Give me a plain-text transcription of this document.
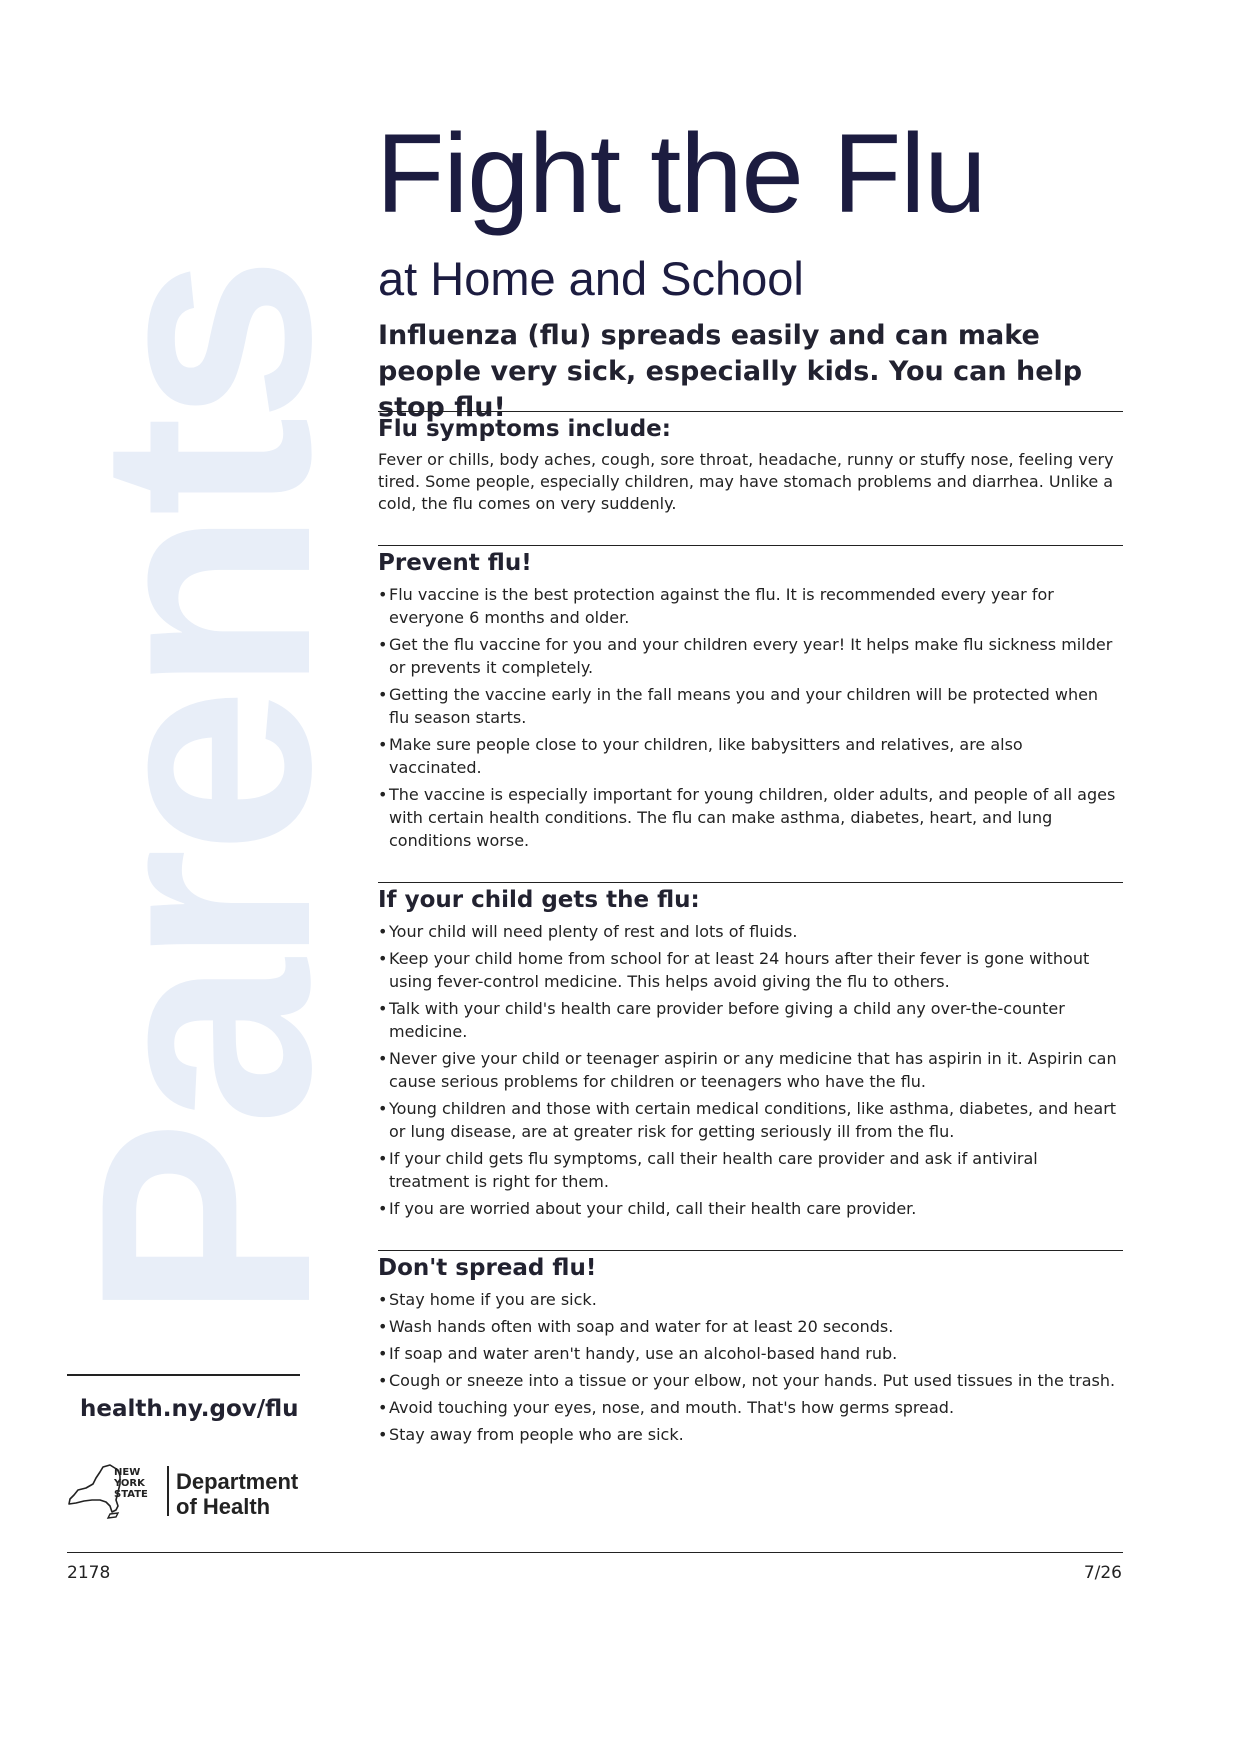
Parents
Fight the Flu
at Home and School
Influenza (flu) spreads easily and can make people very sick, especially kids. You can help stop flu!
Flu symptoms include:

Fever or chills, body aches, cough, sore throat, headache, runny or stuffy nose, feeling very tired. Some people, especially children, may have stomach problems and diarrhea. Unlike a cold, the flu comes on very suddenly.

Prevent flu!
• Flu vaccine is the best protection against the flu. It is recommended every year for everyone 6 months and older.
• Get the flu vaccine for you and your children every year! It helps make flu sickness milder or prevents it completely.
• Getting the vaccine early in the fall means you and your children will be protected when flu season starts.
• Make sure people close to your children, like babysitters and relatives, are also vaccinated.
• The vaccine is especially important for young children, older adults, and people of all ages with certain health conditions. The flu can make asthma, diabetes, heart, and lung conditions worse.
If your child gets the flu:
• Your child will need plenty of rest and lots of fluids.
• Keep your child home from school for at least 24 hours after their fever is gone without using fever-control medicine. This helps avoid giving the flu to others.
• Talk with your child's health care provider before giving a child any over-the-counter medicine.
• Never give your child or teenager aspirin or any medicine that has aspirin in it. Aspirin can cause serious problems for children or teenagers who have the flu.
• Young children and those with certain medical conditions, like asthma, diabetes, and heart or lung disease, are at greater risk for getting seriously ill from the flu.
• If your child gets flu symptoms, call their health care provider and ask if antiviral treatment is right for them.
• If you are worried about your child, call their health care provider.
Don't spread flu!
• Stay home if you are sick.
• Wash hands often with soap and water for at least 20 seconds.
• If soap and water aren't handy, use an alcohol-based hand rub.
• Cough or sneeze into a tissue or your elbow, not your hands. Put used tissues in the trash.
• Avoid touching your eyes, nose, and mouth. That's how germs spread.
• Stay away from people who are sick.
health.ny.gov/flu
NEW
YORK
STATE
Department
of Health
2178	7/26
